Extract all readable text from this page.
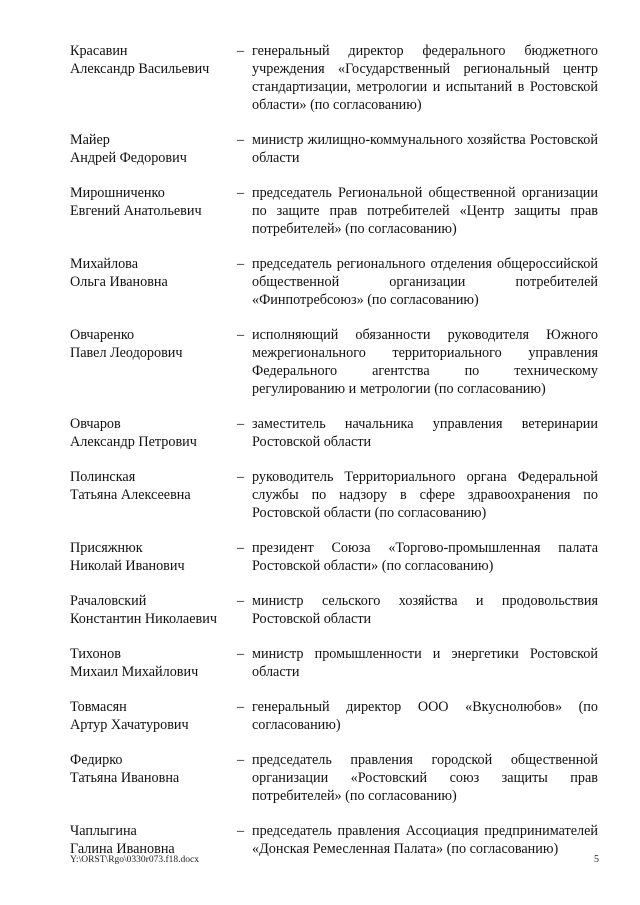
Красавин
Александр Васильевич
– генеральный директор федерального бюджетного учреждения «Государственный региональный центр стандартизации, метрологии и испытаний в Ростовской области» (по согласованию)
Майер
Андрей Федорович
– министр жилищно-коммунального хозяйства Ростовской области
Мирошниченко
Евгений Анатольевич
– председатель Региональной общественной организации по защите прав потребителей «Центр защиты прав потребителей» (по согласованию)
Михайлова
Ольга Ивановна
– председатель регионального отделения общероссийской общественной организации потребителей «Финпотребсоюз» (по согласованию)
Овчаренко
Павел Леодорович
– исполняющий обязанности руководителя Южного межрегионального территориального управления Федерального агентства по техническому регулированию и метрологии (по согласованию)
Овчаров
Александр Петрович
– заместитель начальника управления ветеринарии Ростовской области
Полинская
Татьяна Алексеевна
– руководитель Территориального органа Федеральной службы по надзору в сфере здравоохранения по Ростовской области (по согласованию)
Присяжнюк
Николай Иванович
– президент Союза «Торгово-промышленная палата Ростовской области» (по согласованию)
Рачаловский
Константин Николаевич
– министр сельского хозяйства и продовольствия Ростовской области
Тихонов
Михаил Михайлович
– министр промышленности и энергетики Ростовской области
Товмасян
Артур Хачатурович
– генеральный директор ООО «Вкуснолюбов» (по согласованию)
Федирко
Татьяна Ивановна
– председатель правления городской общественной организации «Ростовский союз защиты прав потребителей» (по согласованию)
Чаплыгина
Галина Ивановна
– председатель правления Ассоциация предпринимателей «Донская Ремесленная Палата» (по согласованию)
Y:\ORST\Rgo\0330r073.f18.docx	5
